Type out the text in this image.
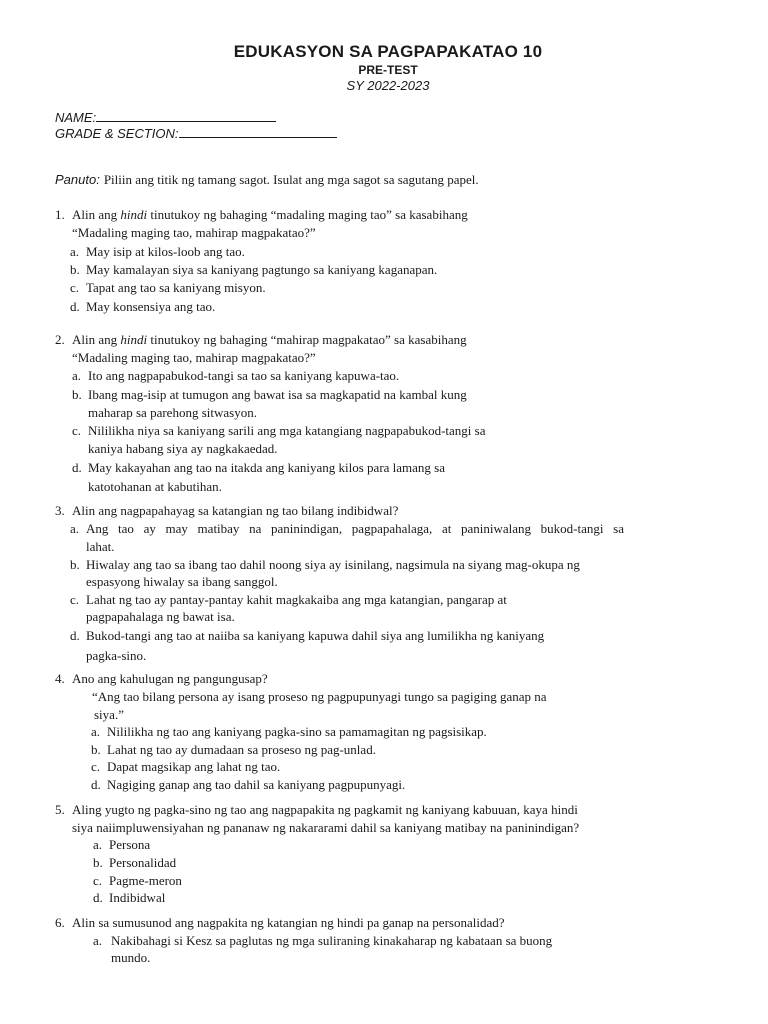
EDUKASYON SA PAGPAPAKATAO 10
PRE-TEST
SY 2022-2023
NAME:
GRADE & SECTION:
Panuto: Piliin ang titik ng tamang sagot. Isulat ang mga sagot sa sagutang papel.
1. Alin ang hindi tinutukoy ng bahaging “madaling maging tao” sa kasabihang
“Madaling maging tao, mahirap magpakatao?”
a. May isip at kilos-loob ang tao.
b. May kamalayan siya sa kaniyang pagtungo sa kaniyang kaganapan.
c. Tapat ang tao sa kaniyang misyon.
d. May konsensiya ang tao.
2. Alin ang hindi tinutukoy ng bahaging “mahirap magpakatao” sa kasabihang
“Madaling maging tao, mahirap magpakatao?”
a. Ito ang nagpapabukod-tangi sa tao sa kaniyang kapuwa-tao.
b. Ibang mag-isip at tumugon ang bawat isa sa magkapatid na kambal kung
maharap sa parehong sitwasyon.
c. Nililikha niya sa kaniyang sarili ang mga katangiang nagpapabukod-tangi sa
kaniya habang siya ay nagkakaedad.
d. May kakayahan ang tao na itakda ang kaniyang kilos para lamang sa
katotohanan at kabutihan.
3. Alin ang nagpapahayag sa katangian ng tao bilang indibidwal?
a. Ang tao ay may matibay na paninindigan, pagpapahalaga, at paniniwalang bukod-tangi sa
lahat.
b. Hiwalay ang tao sa ibang tao dahil noong siya ay isinilang, nagsimula na siyang mag-okupa ng
espasyong hiwalay sa ibang sanggol.
c. Lahat ng tao ay pantay-pantay kahit magkakaiba ang mga katangian, pangarap at
pagpapahalaga ng bawat isa.
d. Bukod-tangi ang tao at naiiba sa kaniyang kapuwa dahil siya ang lumilikha ng kaniyang
pagka-sino.
4. Ano ang kahulugan ng pangungusap?
“Ang tao bilang persona ay isang proseso ng pagpupunyagi tungo sa pagiging ganap na
siya.”
a. Nililikha ng tao ang kaniyang pagka-sino sa pamamagitan ng pagsisikap.
b. Lahat ng tao ay dumadaan sa proseso ng pag-unlad.
c. Dapat magsikap ang lahat ng tao.
d. Nagiging ganap ang tao dahil sa kaniyang pagpupunyagi.
5. Aling yugto ng pagka-sino ng tao ang nagpapakita ng pagkamit ng kaniyang kabuuan, kaya hindi
siya naiimpluwensiyahan ng pananaw ng nakararami dahil sa kaniyang matibay na paninindigan?
a. Persona
b. Personalidad
c. Pagme-meron
d. Indibidwal
6. Alin sa sumusunod ang nagpakita ng katangian ng hindi pa ganap na personalidad?
a. Nakibahagi si Kesz sa paglutas ng mga suliraning kinakaharap ng kabataan sa buong
mundo.
